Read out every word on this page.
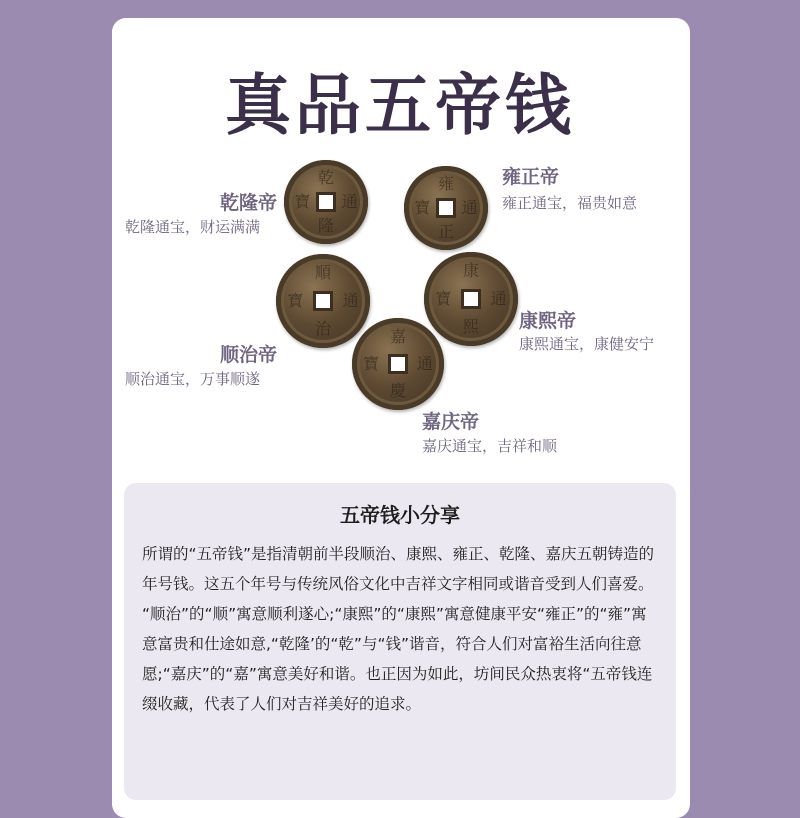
真品五帝钱
乾
隆
通
寶
乾隆帝
乾隆通宝，财运满满
雍
正
通
寶
雍正帝
雍正通宝，福贵如意
順
治
通
寶
顺治帝
顺治通宝，万事顺遂
康
熙
通
寶
康熙帝
康熙通宝，康健安宁
嘉
慶
通
寶
嘉庆帝
嘉庆通宝，吉祥和顺
五帝钱小分享

所谓的“五帝钱”是指清朝前半段顺治、康熙、雍正、乾隆、嘉庆五朝铸造的年号钱。这五个年号与传统风俗文化中吉祥文字相同或谐音受到人们喜爱。

“顺治”的“顺”寓意顺利遂心;“康熙”的“康熙”寓意健康平安“雍正”的“雍”寓意富贵和仕途如意,“乾隆’的“乾”与“钱”谐音，符合人们对富裕生活向往意愿;“嘉庆”的“嘉”寓意美好和谐。也正因为如此，坊间民众热衷将“五帝钱连缀收藏，代表了人们对吉祥美好的追求。
